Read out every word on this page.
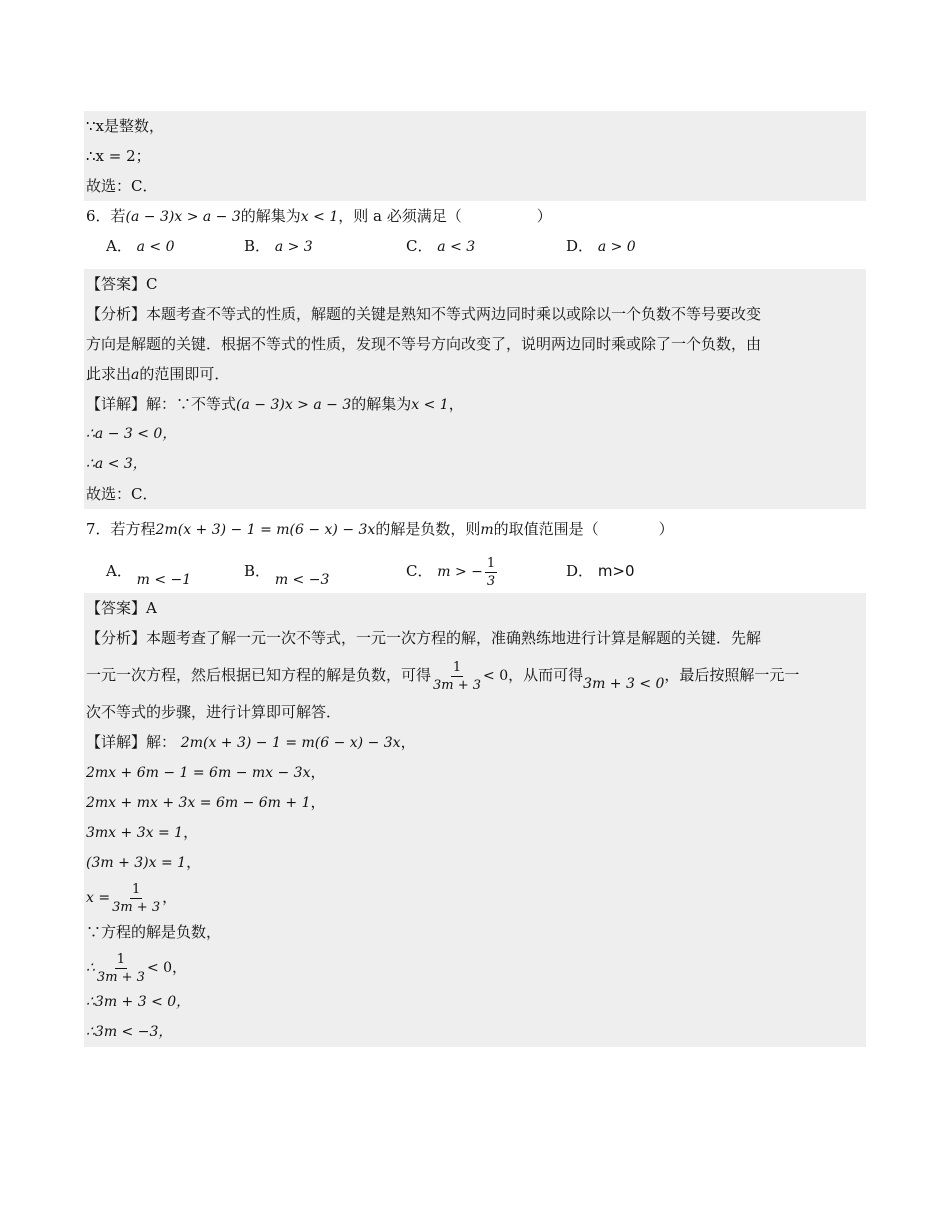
∵x是整数，
∴x = 2；
故选：C．
6．若(a − 3)x > a − 3的解集为x < 1，则 a 必须满足（　　　　　）
A． a < 0	B． a > 3	C． a < 3	D． a > 0
【答案】C
【分析】本题考查不等式的性质，解题的关键是熟知不等式两边同时乘以或除以一个负数不等号要改变
方向是解题的关键．根据不等式的性质，发现不等号方向改变了，说明两边同时乘或除了一个负数，由
此求出a的范围即可．
【详解】解：∵不等式(a − 3)x > a − 3的解集为x < 1，
∴a − 3 < 0，
∴a < 3，
故选：C．
7．若方程2m(x + 3) − 1 = m(6 − x) − 3x的解是负数，则m的取值范围是（　　　　）
A． m < −1	B． m < −3	C． m > − $\frac{1}{3}$	D． m>0
【答案】A
【分析】本题考查了解一元一次不等式，一元一次方程的解，准确熟练地进行计算是解题的关键．先解
一元一次方程，然后根据已知方程的解是负数，可得 $\frac{1}{3m + 3} < 0$，从而可得3m + 3 < 0，最后按照解一元一
次不等式的步骤，进行计算即可解答．
【详解】解： 2m(x + 3) − 1 = m(6 − x) − 3x，
2mx + 6m − 1 = 6m − mx − 3x，
2mx + mx + 3x = 6m − 6m + 1，
3mx + 3x = 1，
(3m + 3)x = 1，
$x = \frac{1}{3m + 3}$ ，
∵方程的解是负数，
∴ $\frac{1}{3m + 3} < 0$，
∴3m + 3 < 0，
∴3m < −3，
